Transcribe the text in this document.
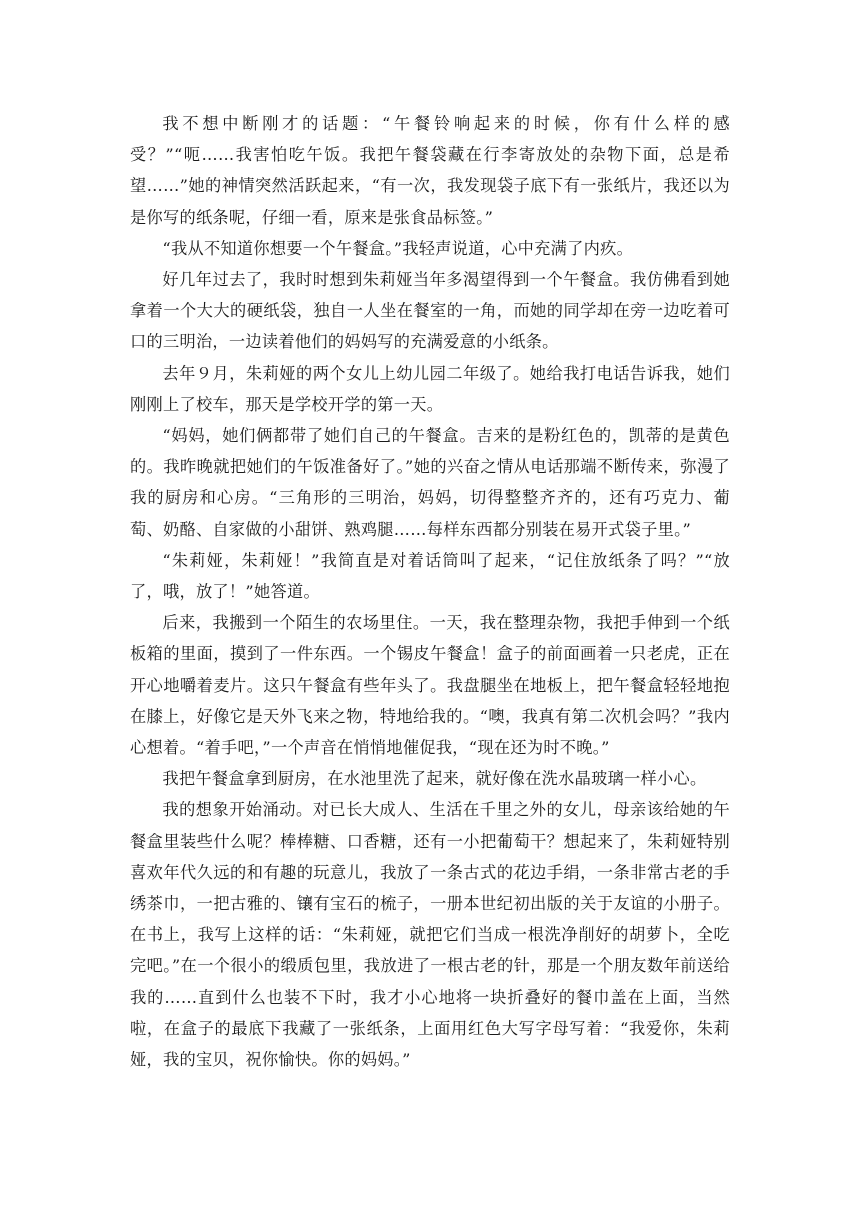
我不想中断刚才的话题：“午餐铃响起来的时候，你有什么样的感受？”“呃……我害怕吃午饭。我把午餐袋藏在行李寄放处的杂物下面，总是希望……”她的神情突然活跃起来，“有一次，我发现袋子底下有一张纸片，我还以为是你写的纸条呢，仔细一看，原来是张食品标签。”

“我从不知道你想要一个午餐盒。”我轻声说道，心中充满了内疚。

好几年过去了，我时时想到朱莉娅当年多渴望得到一个午餐盒。我仿佛看到她拿着一个大大的硬纸袋，独自一人坐在餐室的一角，而她的同学却在旁一边吃着可口的三明治，一边读着他们的妈妈写的充满爱意的小纸条。

去年９月，朱莉娅的两个女儿上幼儿园二年级了。她给我打电话告诉我，她们刚刚上了校车，那天是学校开学的第一天。

“妈妈，她们俩都带了她们自己的午餐盒。吉来的是粉红色的，凯蒂的是黄色的。我昨晚就把她们的午饭准备好了。”她的兴奋之情从电话那端不断传来，弥漫了我的厨房和心房。“三角形的三明治，妈妈，切得整整齐齐的，还有巧克力、葡萄、奶酪、自家做的小甜饼、熟鸡腿……每样东西都分别装在易开式袋子里。”

“朱莉娅，朱莉娅！”我简直是对着话筒叫了起来，“记住放纸条了吗？”“放了，哦，放了！”她答道。

后来，我搬到一个陌生的农场里住。一天，我在整理杂物，我把手伸到一个纸板箱的里面，摸到了一件东西。一个锡皮午餐盒！盒子的前面画着一只老虎，正在开心地嚼着麦片。这只午餐盒有些年头了。我盘腿坐在地板上，把午餐盒轻轻地抱在膝上，好像它是天外飞来之物，特地给我的。“噢，我真有第二次机会吗？”我内心想着。“着手吧，”一个声音在悄悄地催促我，“现在还为时不晚。”

我把午餐盒拿到厨房，在水池里洗了起来，就好像在洗水晶玻璃一样小心。

我的想象开始涌动。对已长大成人、生活在千里之外的女儿，母亲该给她的午餐盒里装些什么呢？棒棒糖、口香糖，还有一小把葡萄干？想起来了，朱莉娅特别喜欢年代久远的和有趣的玩意儿，我放了一条古式的花边手绢，一条非常古老的手绣茶巾，一把古雅的、镶有宝石的梳子，一册本世纪初出版的关于友谊的小册子。在书上，我写上这样的话：“朱莉娅，就把它们当成一根洗净削好的胡萝卜，全吃完吧。”在一个很小的缎质包里，我放进了一根古老的针，那是一个朋友数年前送给我的……直到什么也装不下时，我才小心地将一块折叠好的餐巾盖在上面，当然啦，在盒子的最底下我藏了一张纸条，上面用红色大写字母写着：“我爱你，朱莉娅，我的宝贝，祝你愉快。你的妈妈。”
